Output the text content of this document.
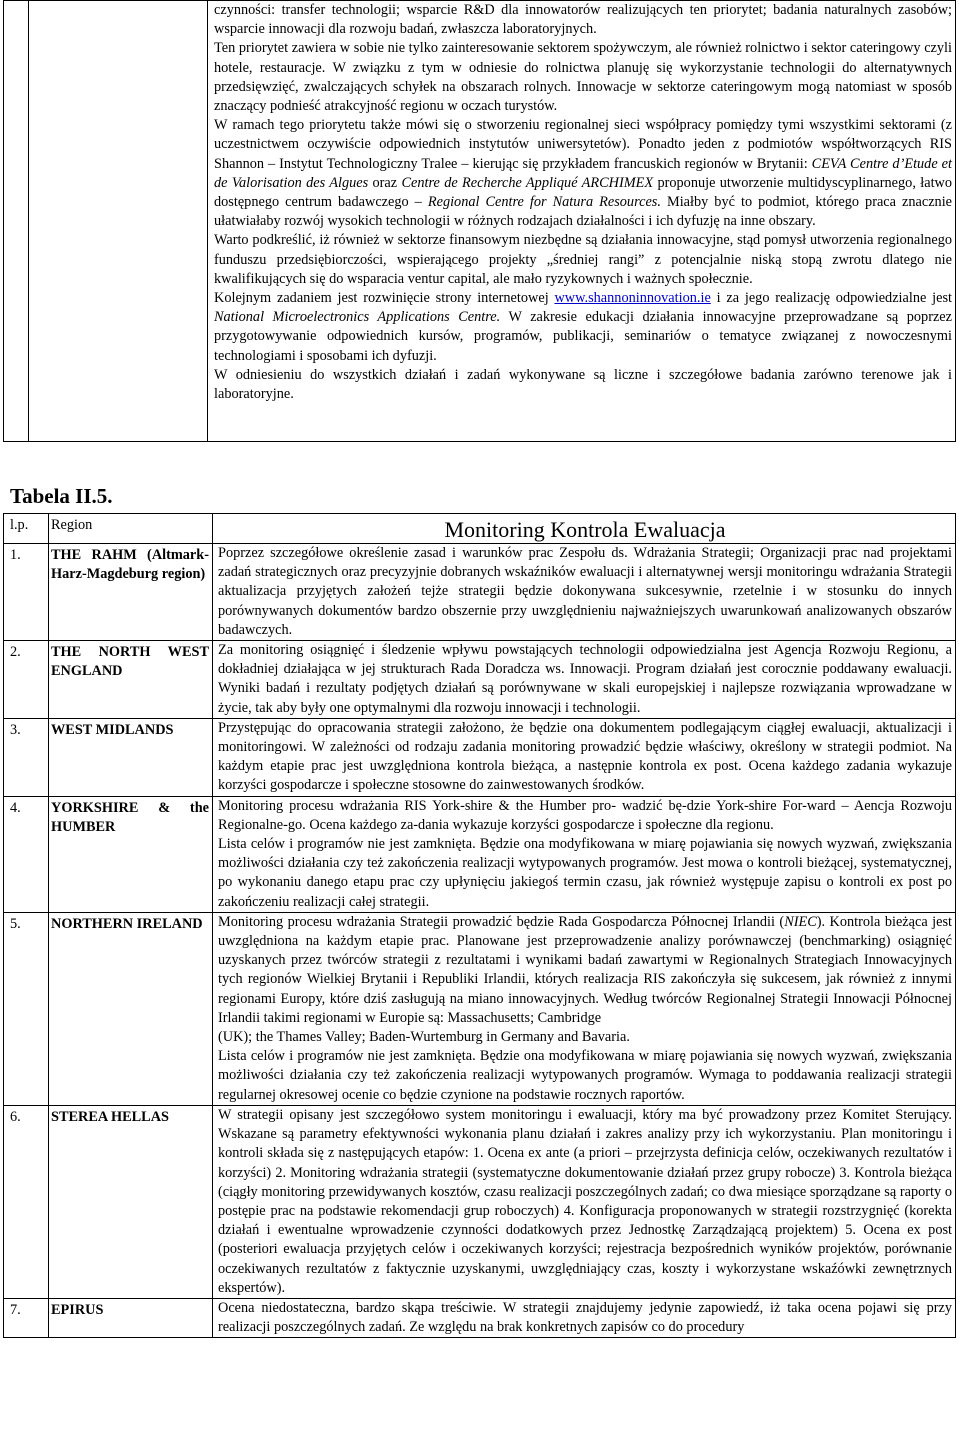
czynności: transfer technologii; wsparcie R&D dla innowatorów realizujących ten priorytet; badania naturalnych zasobów; wsparcie innowacji dla rozwoju badań, zwłaszcza laboratoryjnych.
Ten priorytet zawiera w sobie nie tylko zainteresowanie sektorem spożywczym, ale również rolnictwo i sektor cateringowy czyli hotele, restauracje. W związku z tym w odniesie do rolnictwa planuję się wykorzystanie technologii do alternatywnych przedsięwzięć, zwalczających schyłek na obszarach rolnych. Innowacje w sektorze cateringowym mogą natomiast w sposób znaczący podnieść atrakcyjność regionu w oczach turystów.
W ramach tego priorytetu także mówi się o stworzeniu regionalnej sieci współpracy pomiędzy tymi wszystkimi sektorami (z uczestnictwem oczywiście odpowiednich instytutów uniwersytetów). Ponadto jeden z podmiotów współtworzących RIS Shannon – Instytut Technologiczny Tralee – kierując się przykładem francuskich regionów w Brytanii: CEVA Centre d’Etude et de Valorisation des Algues oraz Centre de Recherche Appliqué ARCHIMEX proponuje utworzenie multidyscyplinarnego, łatwo dostępnego centrum badawczego – Regional Centre for Natura Resources. Miałby być to podmiot, którego praca znacznie ułatwiałaby rozwój wysokich technologii w różnych rodzajach działalności i ich dyfuzję na inne obszary.
Warto podkreślić, iż również w sektorze finansowym niezbędne są działania innowacyjne, stąd pomysł utworzenia regionalnego funduszu przedsiębiorczości, wspierającego projekty „średniej rangi” z potencjalnie niską stopą zwrotu dlatego nie kwalifikujących się do wsparacia ventur capital, ale mało ryzykownych i ważnych społecznie.
Kolejnym zadaniem jest rozwinięcie strony internetowej www.shannoninnovation.ie i za jego realizację odpowiedzialne jest National Microelectronics Applications Centre. W zakresie edukacji działania innowacyjne przeprowadzane są poprzez przygotowywanie odpowiednich kursów, programów, publikacji, seminariów o tematyce związanej z nowoczesnymi technologiami i sposobami ich dyfuzji.
W odniesieniu do wszystkich działań i zadań wykonywane są liczne i szczegółowe badania zarówno terenowe jak i laboratoryjne.
Tabela II.5.
l.p.	Region	Monitoring Kontrola Ewaluacja
1.	THE RAHM (Altmark-Harz-Magdeburg region)	Poprzez szczegółowe określenie zasad i warunków prac Zespołu ds. Wdrażania Strategii; Organizacji prac nad projektami zadań strategicznych oraz precyzyjnie dobranych wskaźników ewaluacji i alternatywnej wersji monitoringu wdrażania Strategii aktualizacja przyjętych założeń tejże strategii będzie dokonywana sukcesywnie, rzetelnie i w stosunku do innych porównywanych dokumentów bardzo obszernie przy uwzględnieniu najważniejszych uwarunkowań analizowanych obszarów badawczych.

2.	THE NORTH WEST ENGLAND	Za monitoring osiągnięć i śledzenie wpływu powstających technologii odpowiedzialna jest Agencja Rozwoju Regionu, a dokładniej działająca w jej strukturach Rada Doradcza ws. Innowacji. Program działań jest corocznie poddawany ewaluacji. Wyniki badań i rezultaty podjętych działań są porównywane w skali europejskiej i najlepsze rozwiązania wprowadzane w życie, tak aby były one optymalnymi dla rozwoju innowacji i technologii.

3.	WEST MIDLANDS	Przystępując do opracowania strategii założono, że będzie ona dokumentem podlegającym ciągłej ewaluacji, aktualizacji i monitoringowi. W zależności od rodzaju zadania monitoring prowadzić będzie właściwy, określony w strategii podmiot. Na każdym etapie prac jest uwzględniona kontrola bieżąca, a następnie kontrola ex post. Ocena każdego zadania wykazuje korzyści gospodarcze i społeczne stosowne do zainwestowanych środków.

4.	YORKSHIRE & the HUMBER	Monitoring procesu wdrażania RIS York-shire & the Humber pro- wadzić bę-dzie York-shire For-ward – Aencja Rozwoju Regionalne-go. Ocena każdego za-dania wykazuje korzyści gospodarcze i społeczne dla regionu.
Lista celów i programów nie jest zamknięta. Będzie ona modyfikowana w miarę pojawiania się nowych wyzwań, zwiększania możliwości działania czy też zakończenia realizacji wytypowanych programów. Jest mowa o kontroli bieżącej, systematycznej, po wykonaniu danego etapu prac czy upłynięciu jakiegoś termin czasu, jak również występuje zapisu o kontroli ex post po zakończeniu realizacji całej strategii.

5.	NORTHERN IRELAND	Monitoring procesu wdrażania Strategii prowadzić będzie Rada Gospodarcza Północnej Irlandii (NIEC). Kontrola bieżąca jest uwzględniona na każdym etapie prac. Planowane jest przeprowadzenie analizy porównawczej (benchmarking) osiągnięć uzyskanych przez twórców strategii z rezultatami i wynikami badań zawartymi w Regionalnych Strategiach Innowacyjnych tych regionów Wielkiej Brytanii i Republiki Irlandii, których realizacja RIS zakończyła się sukcesem, jak również z innymi regionami Europy, które dziś zasługują na miano innowacyjnych. Według twórców Regionalnej Strategii Innowacji Północnej Irlandii takimi regionami w Europie są: Massachusetts; Cambridge
(UK); the Thames Valley; Baden-Wurtemburg in Germany and Bavaria.
Lista celów i programów nie jest zamknięta. Będzie ona modyfikowana w miarę pojawiania się nowych wyzwań, zwiększania możliwości działania czy też zakończenia realizacji wytypowanych programów. Wymaga to poddawania realizacji strategii regularnej okresowej ocenie co będzie czynione na podstawie rocznych raportów.

6.	STEREA HELLAS	W strategii opisany jest szczegółowo system monitoringu i ewaluacji, który ma być prowadzony przez Komitet Sterujący. Wskazane są parametry efektywności wykonania planu działań i zakres analizy przy ich wykorzystaniu. Plan monitoringu i kontroli składa się z następujących etapów: 1. Ocena ex ante (a priori – przejrzysta definicja celów, oczekiwanych rezultatów i korzyści) 2. Monitoring wdrażania strategii (systematyczne dokumentowanie działań przez grupy robocze) 3. Kontrola bieżąca (ciągły monitoring przewidywanych kosztów, czasu realizacji poszczególnych zadań; co dwa miesiące sporządzane są raporty o postępie prac na podstawie rekomendacji grup roboczych) 4. Konfiguracja proponowanych w strategii rozstrzygnięć (korekta działań i ewentualne wprowadzenie czynności dodatkowych przez Jednostkę Zarządzającą projektem) 5. Ocena ex post (posteriori ewaluacja przyjętych celów i oczekiwanych korzyści; rejestracja bezpośrednich wyników projektów, porównanie oczekiwanych rezultatów z faktycznie uzyskanymi, uwzględniający czas, koszty i wykorzystane wskaźówki zewnętrznych ekspertów).

7.	EPIRUS	Ocena niedostateczna, bardzo skąpa treściwie. W strategii znajdujemy jedynie zapowiedź, iż taka ocena pojawi się przy realizacji poszczególnych zadań. Ze względu na brak konkretnych zapisów co do procedury
